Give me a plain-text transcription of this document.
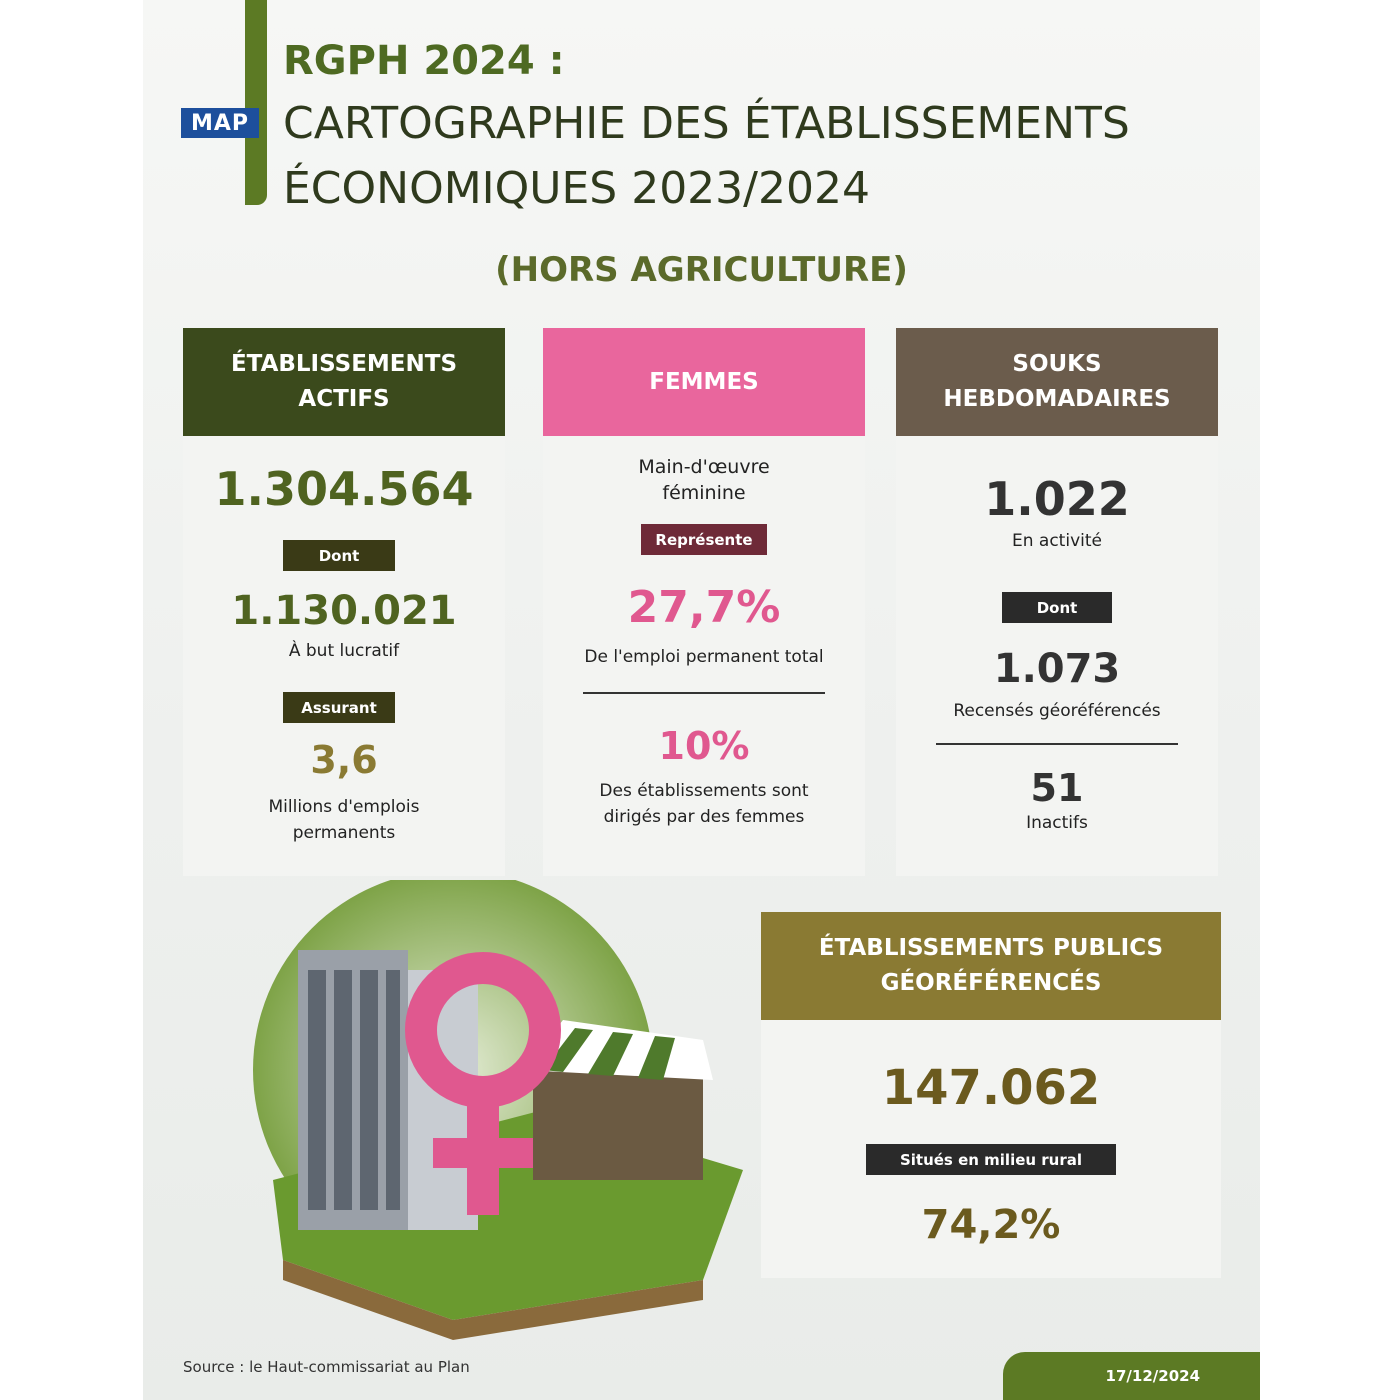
MAP
RGPH 2024 :
CARTOGRAPHIE DES ÉTABLISSEMENTS
ÉCONOMIQUES 2023/2024
(HORS AGRICULTURE)
ÉTABLISSEMENTS
ACTIFS
1.304.564
Dont
1.130.021
À but lucratif
Assurant
3,6
Millions d'emplois
permanents
FEMMES
Main-d'œuvre
féminine
Représente
27,7%
De l'emploi permanent total
10%
Des établissements sont
dirigés par des femmes
SOUKS
HEBDOMADAIRES
1.022
En activité
Dont
1.073
Recensés géoréférencés
51
Inactifs
ÉTABLISSEMENTS PUBLICS
GÉORÉFÉRENCÉS
147.062
Situés en milieu rural
74,2%
Source : le Haut-commissariat au Plan	17/12/2024
